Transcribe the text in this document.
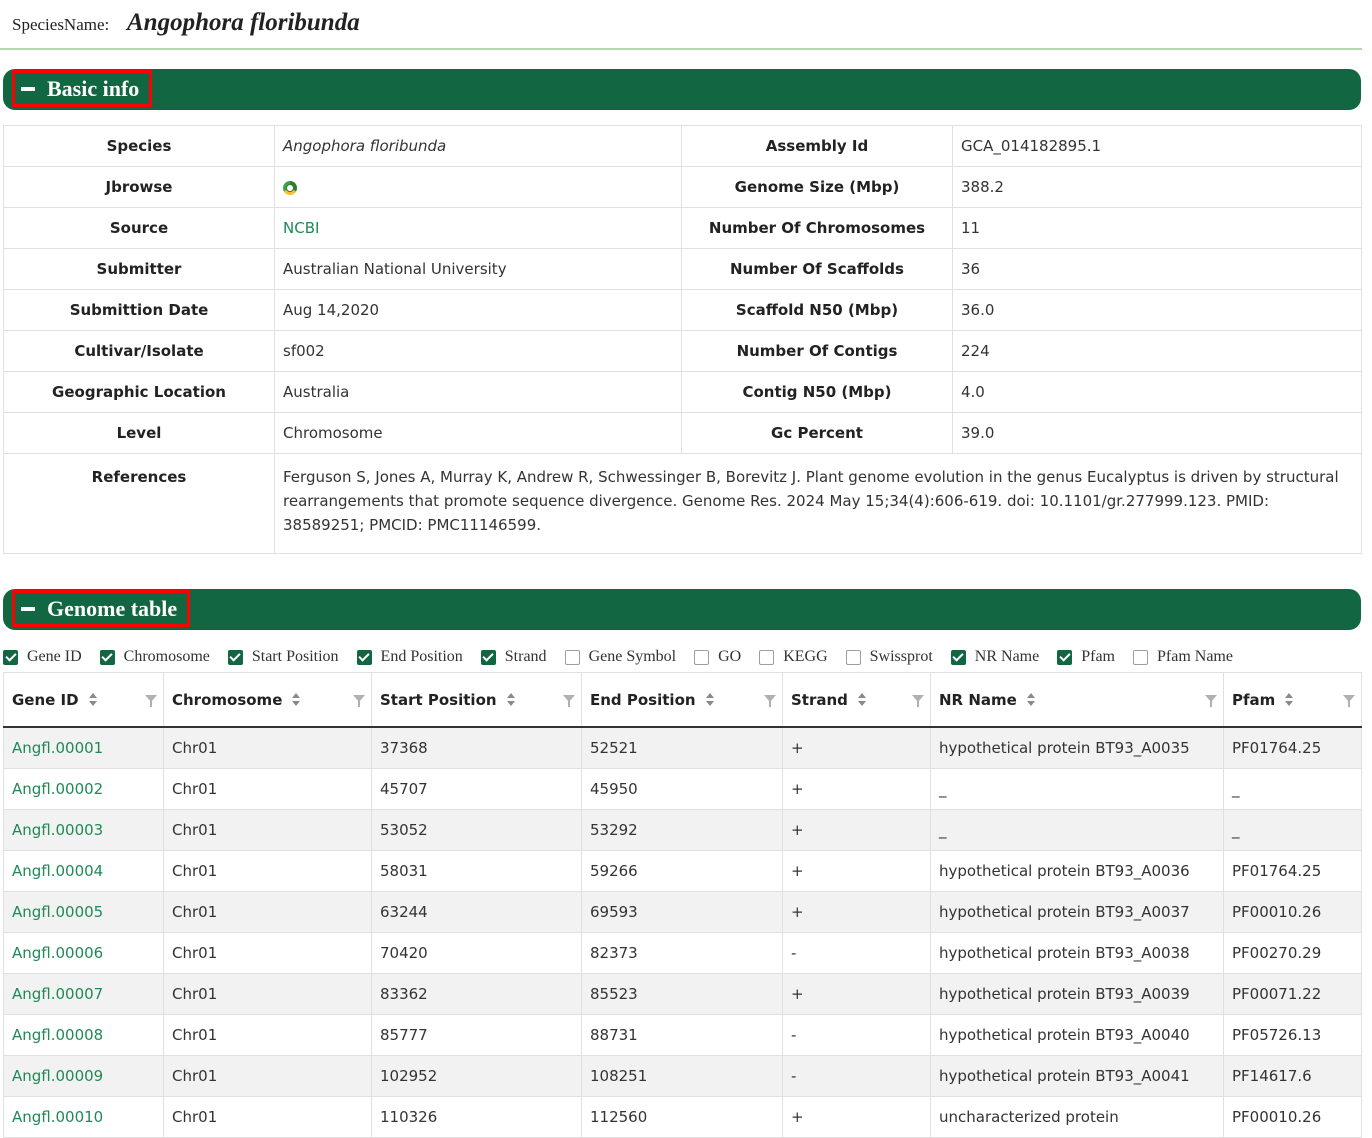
SpeciesName: Angophora floribunda
Basic info
Species	Angophora floribunda	Assembly Id	GCA_014182895.1
Jbrowse		Genome Size (Mbp)	388.2
Source	NCBI	Number Of Chromosomes	11
Submitter	Australian National University	Number Of Scaffolds	36
Submittion Date	Aug 14,2020	Scaffold N50 (Mbp)	36.0
Cultivar/Isolate	sf002	Number Of Contigs	224
Geographic Location	Australia	Contig N50 (Mbp)	4.0
Level	Chromosome	Gc Percent	39.0
References	Ferguson S, Jones A, Murray K, Andrew R, Schwessinger B, Borevitz J. Plant genome evolution in the genus Eucalyptus is driven by structural rearrangements that promote sequence divergence. Genome Res. 2024 May 15;34(4):606-619. doi: 10.1101/gr.277999.123. PMID: 38589251; PMCID: PMC11146599.		
Genome table
Gene ID	Chromosome	Start Position	End Position	Strand	Gene Symbol	GO	KEGG	Swissprot	NR Name	Pfam	Pfam Name
Gene ID	Chromosome	Start Position	End Position	Strand	NR Name	Pfam

Angfl.00001	Chr01	37368	52521	+	hypothetical protein BT93_A0035	PF01764.25
Angfl.00002	Chr01	45707	45950	+	_	_
Angfl.00003	Chr01	53052	53292	+	_	_
Angfl.00004	Chr01	58031	59266	+	hypothetical protein BT93_A0036	PF01764.25
Angfl.00005	Chr01	63244	69593	+	hypothetical protein BT93_A0037	PF00010.26
Angfl.00006	Chr01	70420	82373	-	hypothetical protein BT93_A0038	PF00270.29
Angfl.00007	Chr01	83362	85523	+	hypothetical protein BT93_A0039	PF00071.22
Angfl.00008	Chr01	85777	88731	-	hypothetical protein BT93_A0040	PF05726.13
Angfl.00009	Chr01	102952	108251	-	hypothetical protein BT93_A0041	PF14617.6
Angfl.00010	Chr01	110326	112560	+	uncharacterized protein	PF00010.26
